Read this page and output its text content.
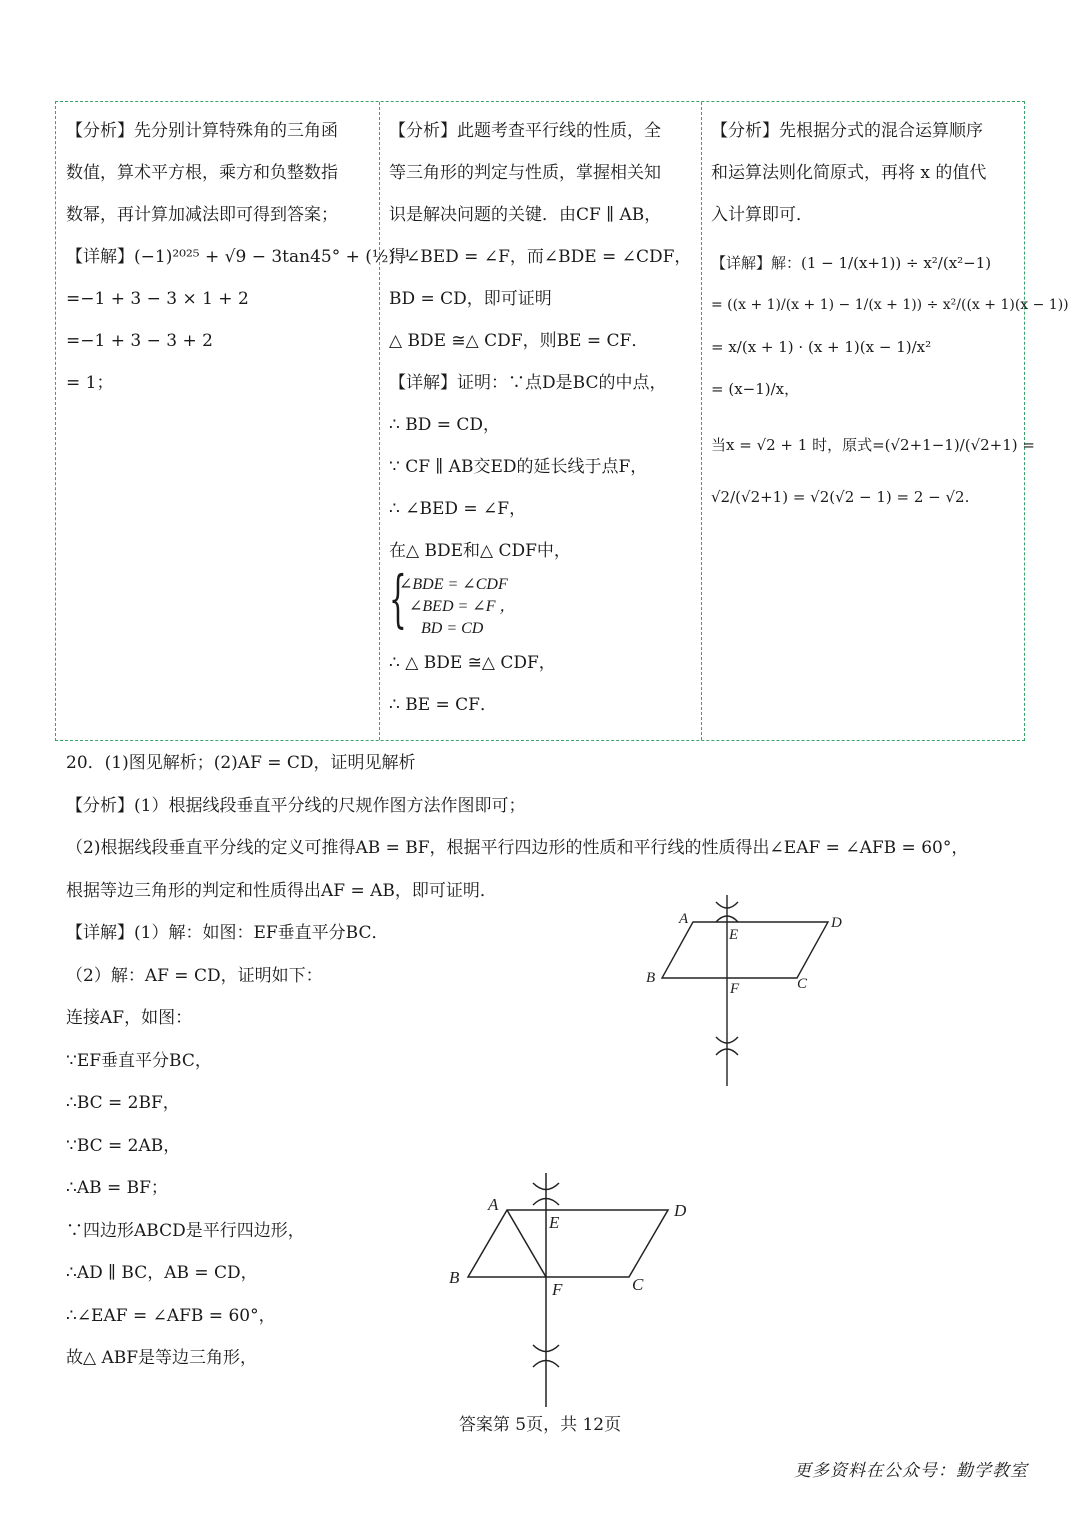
【分析】先分别计算特殊角的三角函

数值，算术平方根，乘方和负整数指

数幂，再计算加减法即可得到答案；

【详解】(−1)²⁰²⁵ + √9 − 3tan45° + (½)⁻¹

=−1 + 3 − 3 × 1 + 2

=−1 + 3 − 3 + 2

= 1；

【分析】此题考查平行线的性质，全

等三角形的判定与性质，掌握相关知

识是解决问题的关键．由CF ∥ AB，

得∠BED = ∠F，而∠BDE = ∠CDF，

BD = CD，即可证明

△ BDE ≅△ CDF，则BE = CF．

【详解】证明：∵点D是BC的中点，

∴ BD = CD，

∵ CF ∥ AB交ED的延长线于点F，

∴ ∠BED = ∠F，

在△ BDE和△ CDF中，

{
∠BDE = ∠CDF
∠BED = ∠F ，
BD = CD

∴ △ BDE ≅△ CDF，

∴ BE = CF．

【分析】先根据分式的混合运算顺序

和运算法则化简原式，再将 x 的值代

入计算即可．

【详解】解：(1 − 1/(x+1)) ÷ x²/(x²−1)

= ((x + 1)/(x + 1) − 1/(x + 1)) ÷ x²/((x + 1)(x − 1))

= x/(x + 1) · (x + 1)(x − 1)/x²

= (x−1)/x，

当x = √2 + 1 时，原式=(√2+1−1)/(√2+1) =

√2/(√2+1) = √2(√2 − 1) = 2 − √2.

20．(1)图见解析；(2)AF = CD，证明见解析

【分析】(1）根据线段垂直平分线的尺规作图方法作图即可；

（2)根据线段垂直平分线的定义可推得AB = BF，根据平行四边形的性质和平行线的性质得出∠EAF = ∠AFB = 60°，

根据等边三角形的判定和性质得出AF = AB，即可证明．

【详解】(1）解：如图：EF垂直平分BC．

（2）解：AF = CD，证明如下：

连接AF，如图：

∵EF垂直平分BC，

∴BC = 2BF，

∵BC = 2AB，

∴AB = BF；

∵四边形ABCD是平行四边形，

∴AD ∥ BC，AB = CD，

∴∠EAF = ∠AFB = 60°，

故△ ABF是等边三角形，

A	D
E
B
F	C
A	D
E
B
F	C
答案第 5页，共 12页
更多资料在公众号：勤学教室
